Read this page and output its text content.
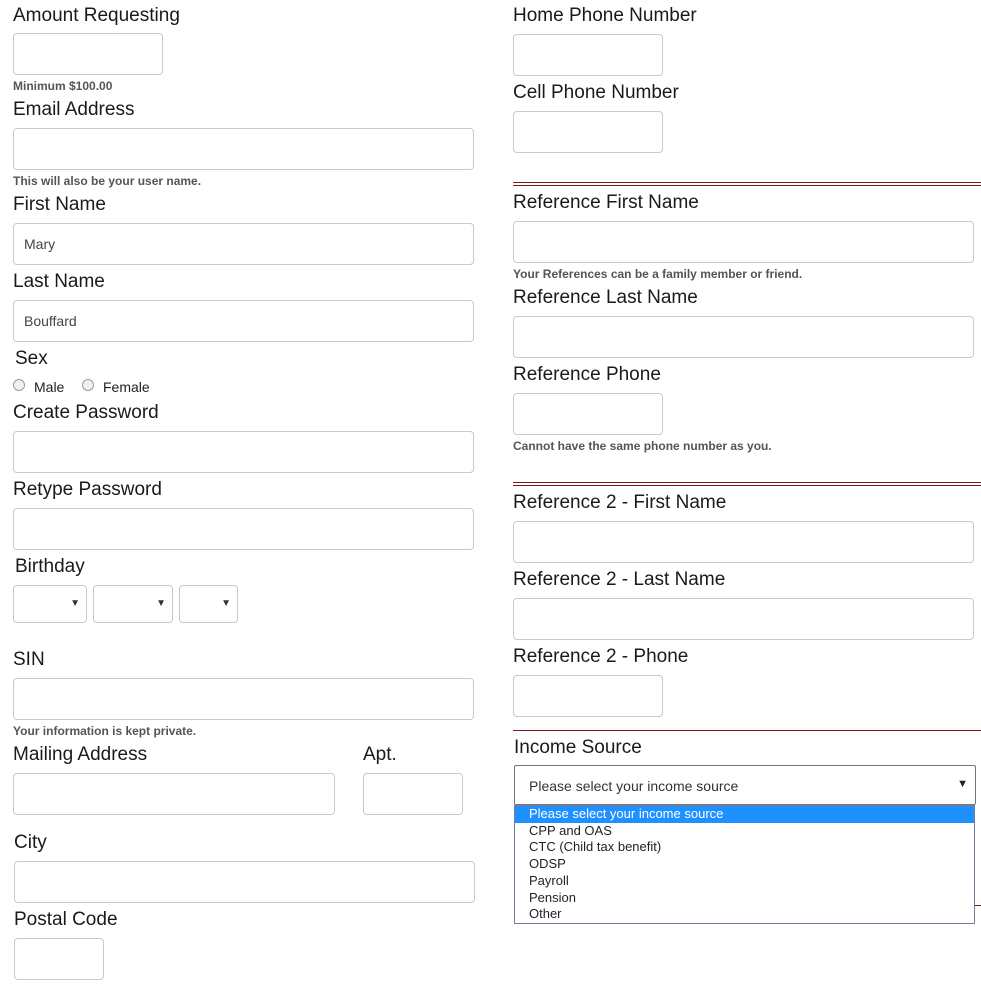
Amount Requesting
Minimum $100.00
Email Address
This will also be your user name.
First Name
Mary
Last Name
Bouffard
Sex
Male	Female
Create Password
Retype Password
Birthday
▼	▼	▼
SIN
Your information is kept private.
Mailing Address	Apt.
City
Postal Code
Home Phone Number
Cell Phone Number
Reference First Name
Your References can be a family member or friend.
Reference Last Name
Reference Phone
Cannot have the same phone number as you.
Reference 2 - First Name
Reference 2 - Last Name
Reference 2 - Phone
Income Source
Please select your income source	▼
Please select your income source
CPP and OAS
CTC (Child tax benefit)
ODSP
Payroll
Pension
Other
